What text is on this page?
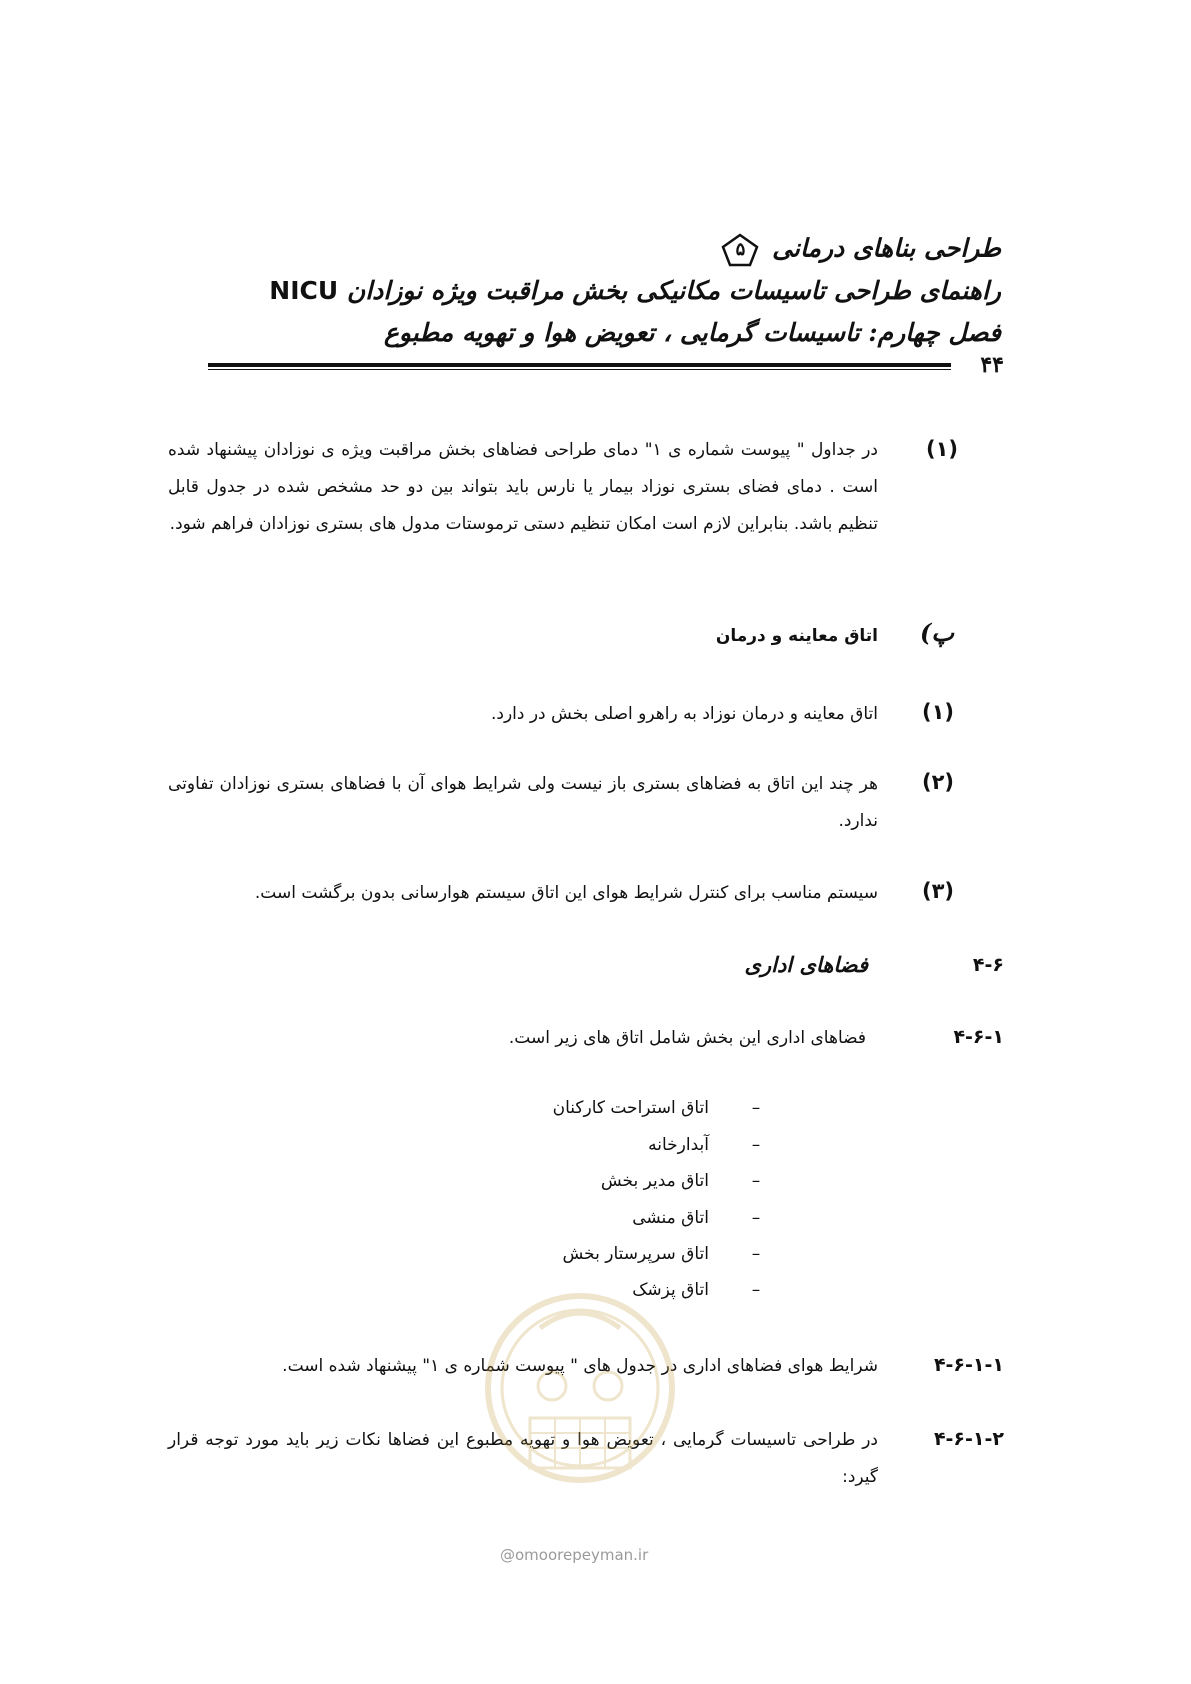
طراحی بناهای درمانی
۵
راهنمای طراحی تاسیسات مکانیکی بخش مراقبت ویژه نوزادان NICU
فصل چهارم: تاسیسات گرمایی ، تعویض هوا و تهویه مطبوع
۴۴
(۱)
در جداول " پیوست شماره ی ۱" دمای طراحی فضاهای بخش مراقبت ویژه ی نوزادان پیشنهاد شده است . دمای فضای بستری نوزاد بیمار یا نارس باید بتواند بین دو حد مشخص شده در جدول قابل تنظیم باشد. بنابراین لازم است امکان تنظیم دستی ترموستات مدول های بستری نوزادان فراهم شود.
پ)
اتاق معاینه و درمان
(۱)
اتاق معاینه و درمان نوزاد به راهرو اصلی بخش در دارد.
(۲)
هر چند این اتاق به فضاهای بستری باز نیست ولی شرایط هوای آن با فضاهای بستری نوزادان تفاوتی ندارد.
(۳)
سیستم مناسب برای کنترل شرایط هوای این اتاق سیستم هوارسانی بدون برگشت است.
۴-۶
فضاهای اداری
۴-۶-۱
فضاهای اداری این بخش شامل اتاق های زیر است.
–اتاق استراحت کارکنان
–آبدارخانه
–اتاق مدیر بخش
–اتاق منشی
–اتاق سرپرستار بخش
–اتاق پزشک
۴-۶-۱-۱
شرایط هوای فضاهای اداری در جدول های " پیوست شماره ی ۱" پیشنهاد شده است.
۴-۶-۱-۲
در طراحی تاسیسات گرمایی ، تعویض هوا و تهویه مطبوع این فضاها نکات زیر باید مورد توجه قرار گیرد:
@omoorepeyman.ir
